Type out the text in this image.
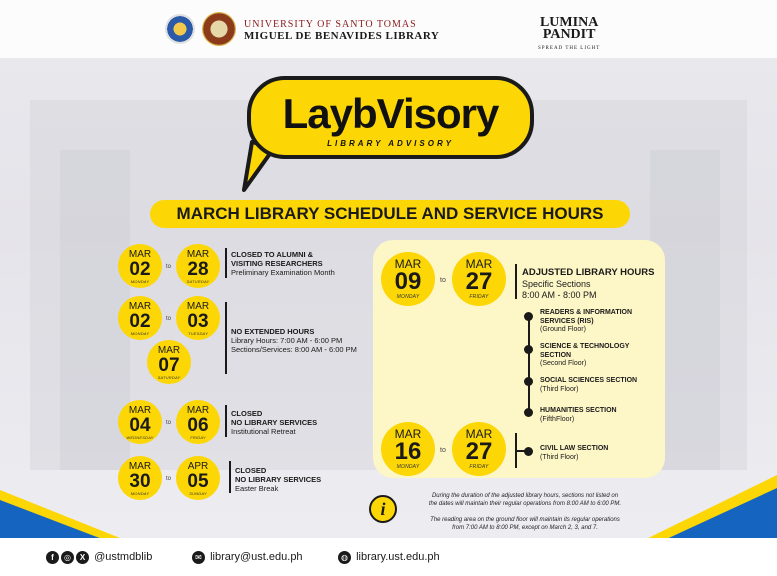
UNIVERSITY OF SANTO TOMAS
MIGUEL DE BENAVIDES LIBRARY
LUMINA
PANDIT
SPREAD THE LIGHT
LaybVisory
LIBRARY ADVISORY
MARCH LIBRARY SCHEDULE AND SERVICE HOURS
MAR
02
MONDAY
to
MAR
28
SATURDAY
CLOSED TO ALUMNI &
VISITING RESEARCHERS
Preliminary Examination Month
MAR
02
MONDAY
to
MAR
03
TUESDAY
MAR
07
SATURDAY
NO EXTENDED HOURS
Library Hours: 7:00 AM - 6:00 PM
Sections/Services: 8:00 AM - 6:00 PM
MAR
04
WEDNESDAY
to
MAR
06
FRIDAY
CLOSED
NO LIBRARY SERVICES
Institutional Retreat
MAR
30
MONDAY
to
APR
05
SUNDAY
CLOSED
NO LIBRARY SERVICES
Easter Break
MAR
09
MONDAY
to
MAR
27
FRIDAY
ADJUSTED LIBRARY HOURS
Specific Sections
8:00 AM - 8:00 PM
READERS & INFORMATION
SERVICES (RIS)
(Ground Floor)
SCIENCE & TECHNOLOGY
SECTION
(Second Floor)
SOCIAL SCIENCES SECTION
(Third Floor)
HUMANITIES SECTION
(FifthFloor)
MAR
16
MONDAY
to
MAR
27
FRIDAY
CIVIL LAW SECTION
(Third Floor)
i
During the duration of the adjusted library hours, sections not listed on
the dates will maintain their regular operations from 8:00 AM to 6:00 PM.
The reading area on the ground floor will maintain its regular operations
from 7:00 AM to 8:00 PM, except on March 2, 3, and 7.
f ◎ X @ustmdblib	✉ library@ust.edu.ph	◍ library.ust.edu.ph
